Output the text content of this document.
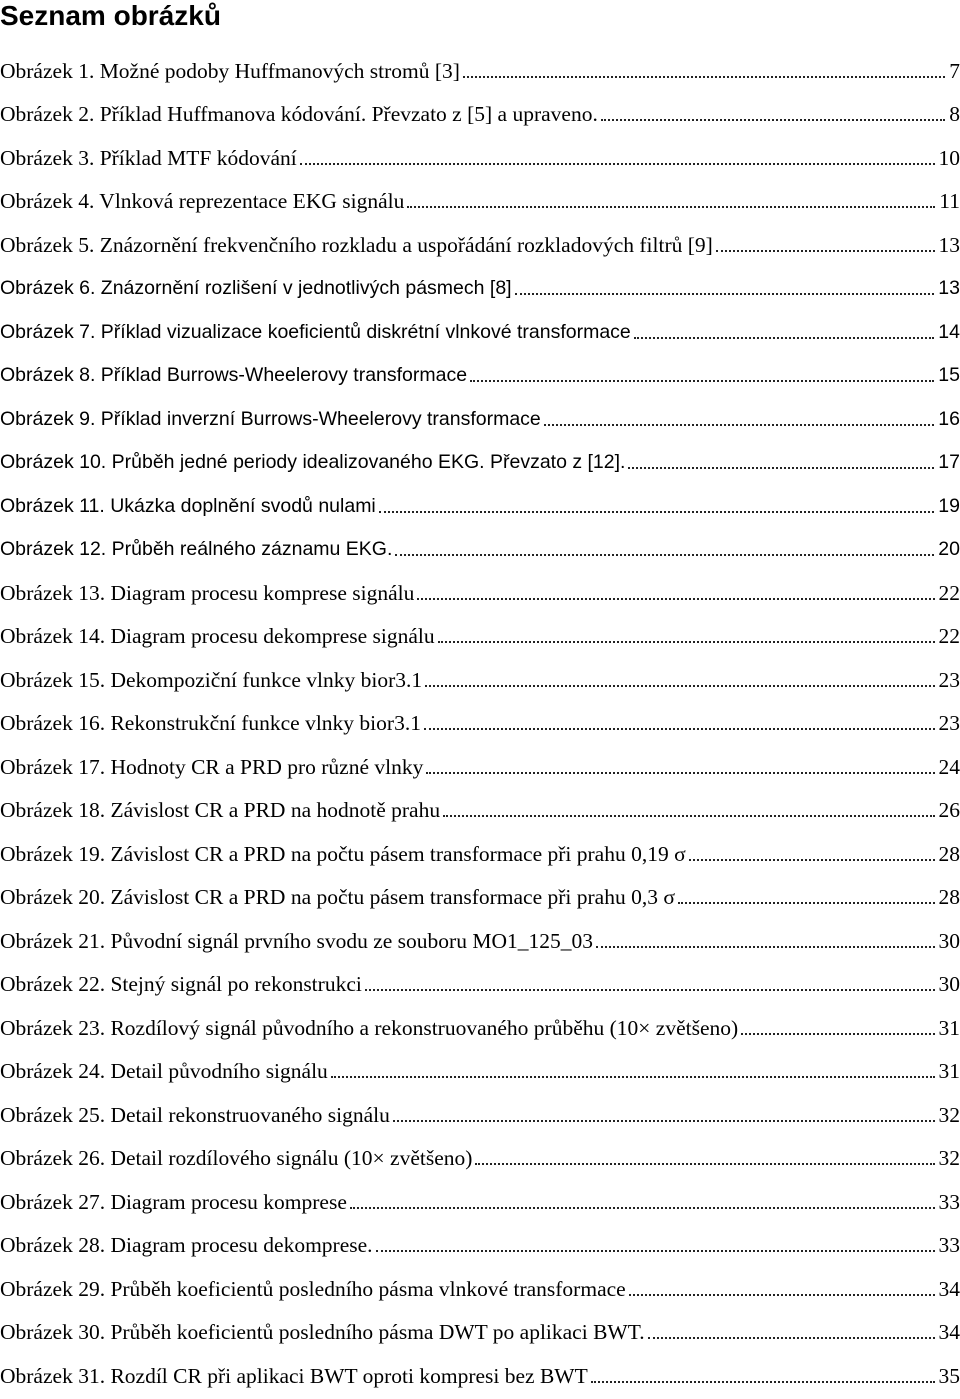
Seznam obrázků
Obrázek 1. Možné podoby Huffmanových stromů [3]	7
Obrázek 2. Příklad Huffmanova kódování. Převzato z [5] a upraveno.	8
Obrázek 3. Příklad MTF kódování	10
Obrázek 4. Vlnková reprezentace EKG signálu	11
Obrázek 5. Znázornění frekvenčního rozkladu a uspořádání rozkladových filtrů [9]	13
Obrázek 6. Znázornění rozlišení v jednotlivých pásmech [8]	13
Obrázek 7. Příklad vizualizace koeficientů diskrétní vlnkové transformace	14
Obrázek 8. Příklad Burrows-Wheelerovy transformace	15
Obrázek 9. Příklad inverzní Burrows-Wheelerovy transformace	16
Obrázek 10. Průběh jedné periody idealizovaného EKG. Převzato z [12].	17
Obrázek 11. Ukázka doplnění svodů nulami	19
Obrázek 12. Průběh reálného záznamu EKG.	20
Obrázek 13. Diagram procesu komprese signálu	22
Obrázek 14. Diagram procesu dekomprese signálu	22
Obrázek 15. Dekompoziční funkce vlnky bior3.1	23
Obrázek 16. Rekonstrukční funkce vlnky bior3.1	23
Obrázek 17. Hodnoty CR a PRD pro různé vlnky	24
Obrázek 18. Závislost CR a PRD na hodnotě prahu	26
Obrázek 19. Závislost CR a PRD na počtu pásem transformace při prahu 0,19 σ	28
Obrázek 20. Závislost CR a PRD na počtu pásem transformace při prahu 0,3 σ	28
Obrázek 21. Původní signál prvního svodu ze souboru MO1_125_03	30
Obrázek 22. Stejný signál po rekonstrukci	30
Obrázek 23. Rozdílový signál původního a rekonstruovaného průběhu (10× zvětšeno)	31
Obrázek 24. Detail původního signálu	31
Obrázek 25. Detail rekonstruovaného signálu	32
Obrázek 26. Detail rozdílového signálu (10× zvětšeno)	32
Obrázek 27. Diagram procesu komprese	33
Obrázek 28. Diagram procesu dekomprese.	33
Obrázek 29. Průběh koeficientů posledního pásma vlnkové transformace	34
Obrázek 30. Průběh koeficientů posledního pásma DWT po aplikaci BWT.	34
Obrázek 31. Rozdíl CR při aplikaci BWT oproti kompresi bez BWT	35
